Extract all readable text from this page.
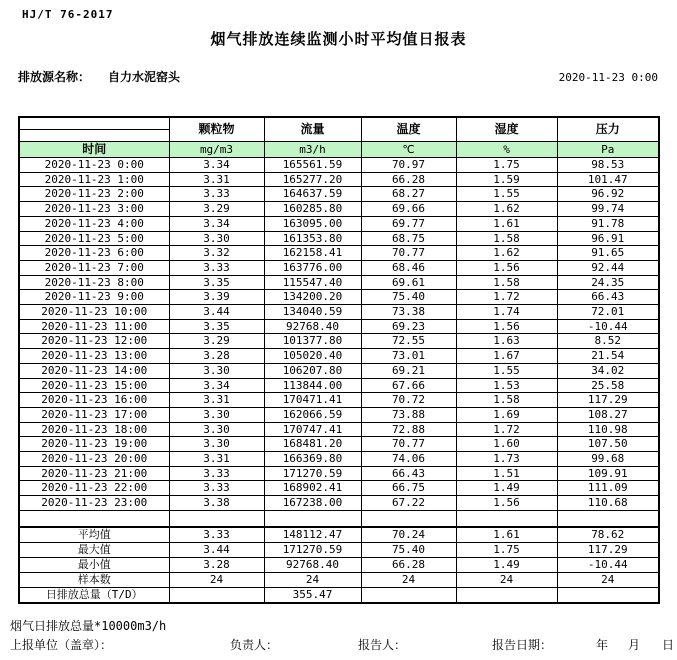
HJ/T 76-2017
烟气排放连续监测小时平均值日报表
排放源名称： 自力水泥窑头	2020-11-23 0:00
	颗粒物	流量	温度	湿度	压力

时间	mg/m3	m3/h	℃	%	Pa
2020-11-23 0:00	3.34	165561.59	70.97	1.75	98.53
2020-11-23 1:00	3.31	165277.20	66.28	1.59	101.47
2020-11-23 2:00	3.33	164637.59	68.27	1.55	96.92
2020-11-23 3:00	3.29	160285.80	69.66	1.62	99.74
2020-11-23 4:00	3.34	163095.00	69.77	1.61	91.78
2020-11-23 5:00	3.30	161353.80	68.75	1.58	96.91
2020-11-23 6:00	3.32	162158.41	70.77	1.62	91.65
2020-11-23 7:00	3.33	163776.00	68.46	1.56	92.44
2020-11-23 8:00	3.35	115547.40	69.61	1.58	24.35
2020-11-23 9:00	3.39	134200.20	75.40	1.72	66.43
2020-11-23 10:00	3.44	134040.59	73.38	1.74	72.01
2020-11-23 11:00	3.35	92768.40	69.23	1.56	-10.44
2020-11-23 12:00	3.29	101377.80	72.55	1.63	8.52
2020-11-23 13:00	3.28	105020.40	73.01	1.67	21.54
2020-11-23 14:00	3.30	106207.80	69.21	1.55	34.02
2020-11-23 15:00	3.34	113844.00	67.66	1.53	25.58
2020-11-23 16:00	3.31	170471.41	70.72	1.58	117.29
2020-11-23 17:00	3.30	162066.59	73.88	1.69	108.27
2020-11-23 18:00	3.30	170747.41	72.88	1.72	110.98
2020-11-23 19:00	3.30	168481.20	70.77	1.60	107.50
2020-11-23 20:00	3.31	166369.80	74.06	1.73	99.68
2020-11-23 21:00	3.33	171270.59	66.43	1.51	109.91
2020-11-23 22:00	3.33	168902.41	66.75	1.49	111.09
2020-11-23 23:00	3.38	167238.00	67.22	1.56	110.68

平均值	3.33	148112.47	70.24	1.61	78.62
最大值	3.44	171270.59	75.40	1.75	117.29
最小值	3.28	92768.40	66.28	1.49	-10.44
样本数	24	24	24	24	24
日排放总量（T/D）		355.47			
烟气日排放总量*10000m3/h
上报单位（盖章）：	负责人：	报告人：	报告日期：	年 月 日
